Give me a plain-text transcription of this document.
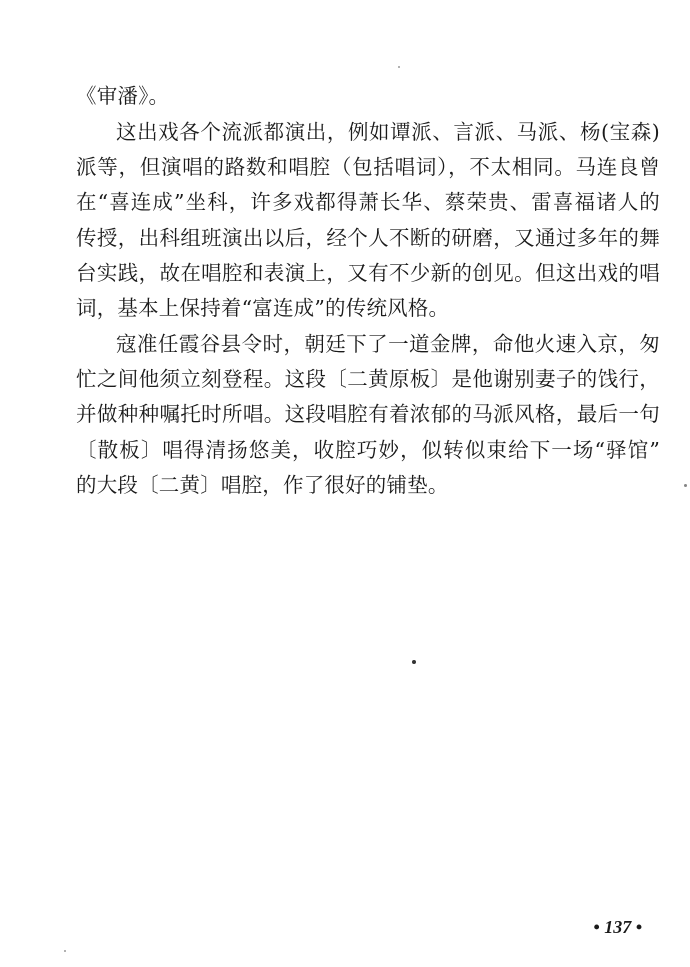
《审潘》。

这出戏各个流派都演出，例如谭派、言派、马派、杨(宝森)

派等，但演唱的路数和唱腔（包括唱词），不太相同。马连良曾

在“喜连成”坐科，许多戏都得萧长华、蔡荣贵、雷喜福诸人的

传授，出科组班演出以后，经个人不断的研磨，又通过多年的舞

台实践，故在唱腔和表演上，又有不少新的创见。但这出戏的唱

词，基本上保持着“富连成”的传统风格。

寇准任霞谷县令时，朝廷下了一道金牌，命他火速入京，匆

忙之间他须立刻登程。这段〔二黄原板〕是他谢别妻子的饯行，

并做种种嘱托时所唱。这段唱腔有着浓郁的马派风格，最后一句

〔散板〕唱得清扬悠美，收腔巧妙，似转似束给下一场“驿馆”

的大段〔二黄〕唱腔，作了很好的铺垫。

• 137 •
